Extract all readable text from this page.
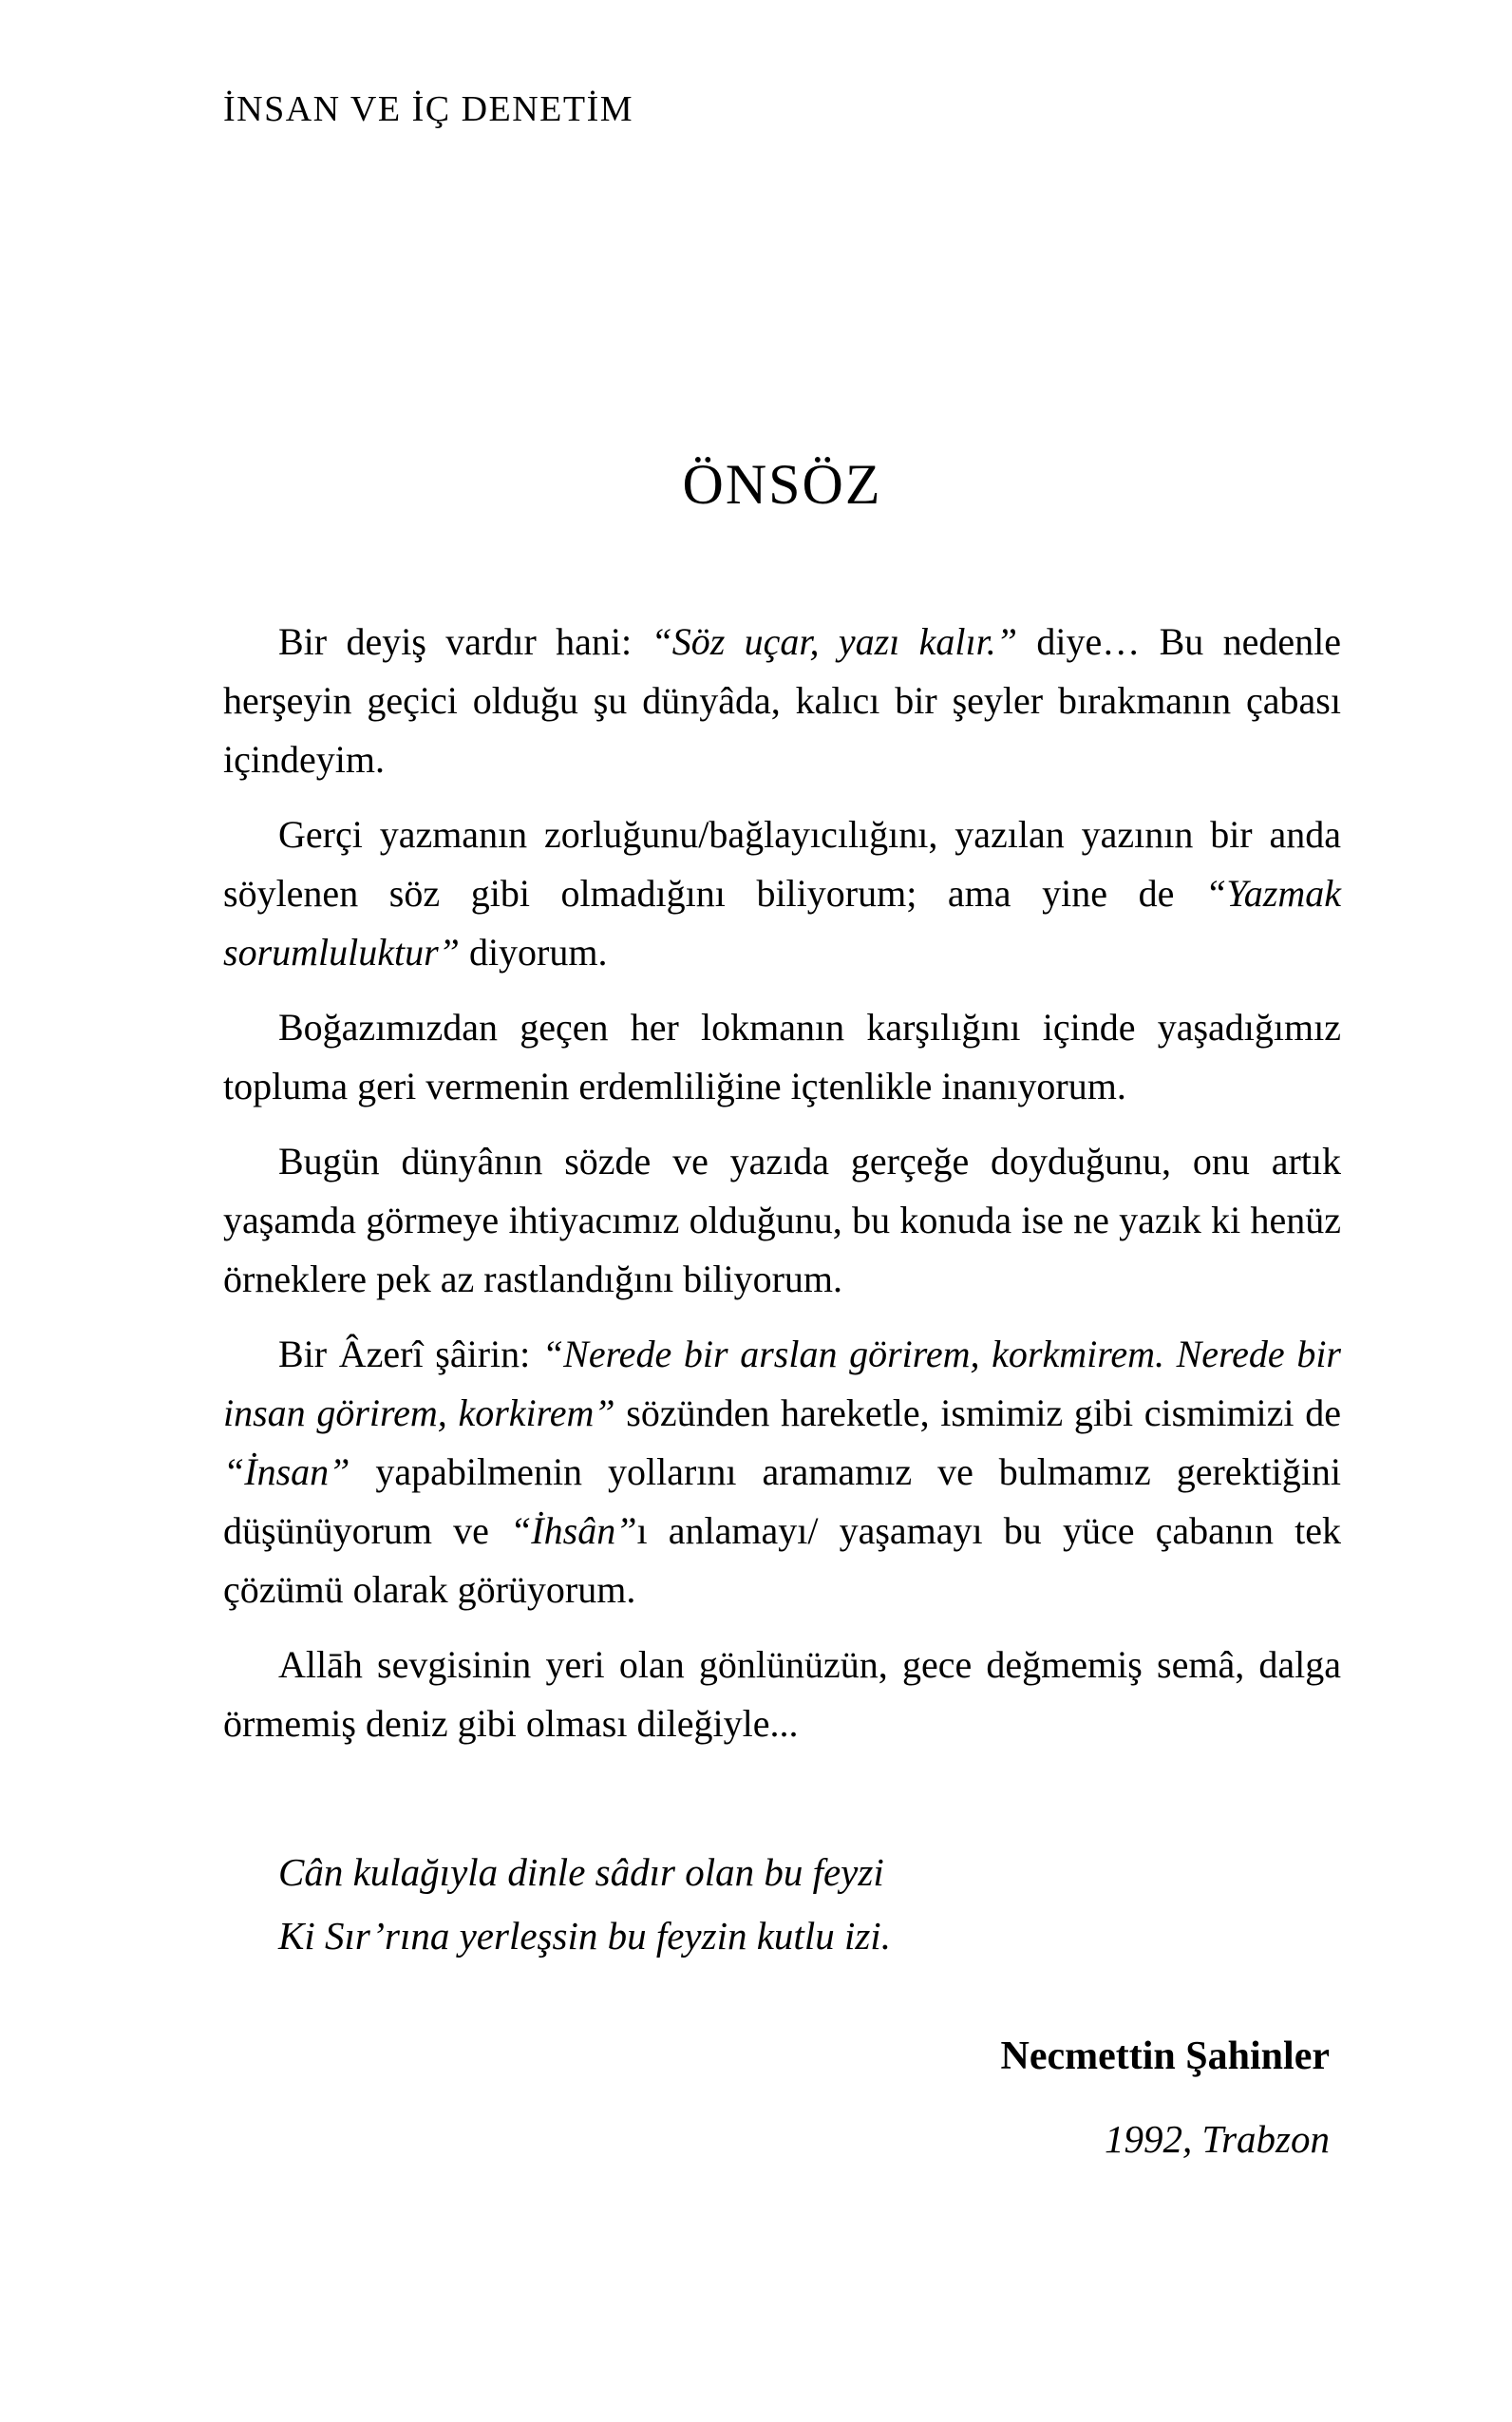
İNSAN VE İÇ DENETİM
ÖNSÖZ

Bir deyiş vardır hani: “Söz uçar, yazı kalır.” diye… Bu nedenle herşeyin geçici olduğu şu dünyâda, kalıcı bir şeyler bırakmanın çabası içindeyim.

Gerçi yazmanın zorluğunu/bağlayıcılığını, yazılan yazının bir anda söylenen söz gibi olmadığını biliyorum; ama yine de “Yazmak sorumluluktur” diyorum.

Boğazımızdan geçen her lokmanın karşılığını içinde yaşadığımız topluma geri vermenin erdemliliğine içtenlikle inanıyorum.

Bugün dünyânın sözde ve yazıda gerçeğe doyduğunu, onu artık yaşamda görmeye ihtiyacımız olduğunu, bu konuda ise ne yazık ki henüz örneklere pek az rastlandığını biliyorum.

Bir Âzerî şâirin: “Nerede bir arslan görirem, korkmirem. Nerede bir insan görirem, korkirem” sözünden hareketle, ismimiz gibi cismimizi de “İnsan” yapabilmenin yollarını aramamız ve bulmamız gerektiğini düşünüyorum ve “İhsân”ı anlamayı/ yaşamayı bu yüce çabanın tek çözümü olarak görüyorum.

Allāh sevgisinin yeri olan gönlünüzün, gece değmemiş semâ, dalga örmemiş deniz gibi olması dileğiyle...

Cân kulağıyla dinle sâdır olan bu feyzi
Ki Sır’rına yerleşsin bu feyzin kutlu izi.
Necmettin Şahinler
1992, Trabzon
